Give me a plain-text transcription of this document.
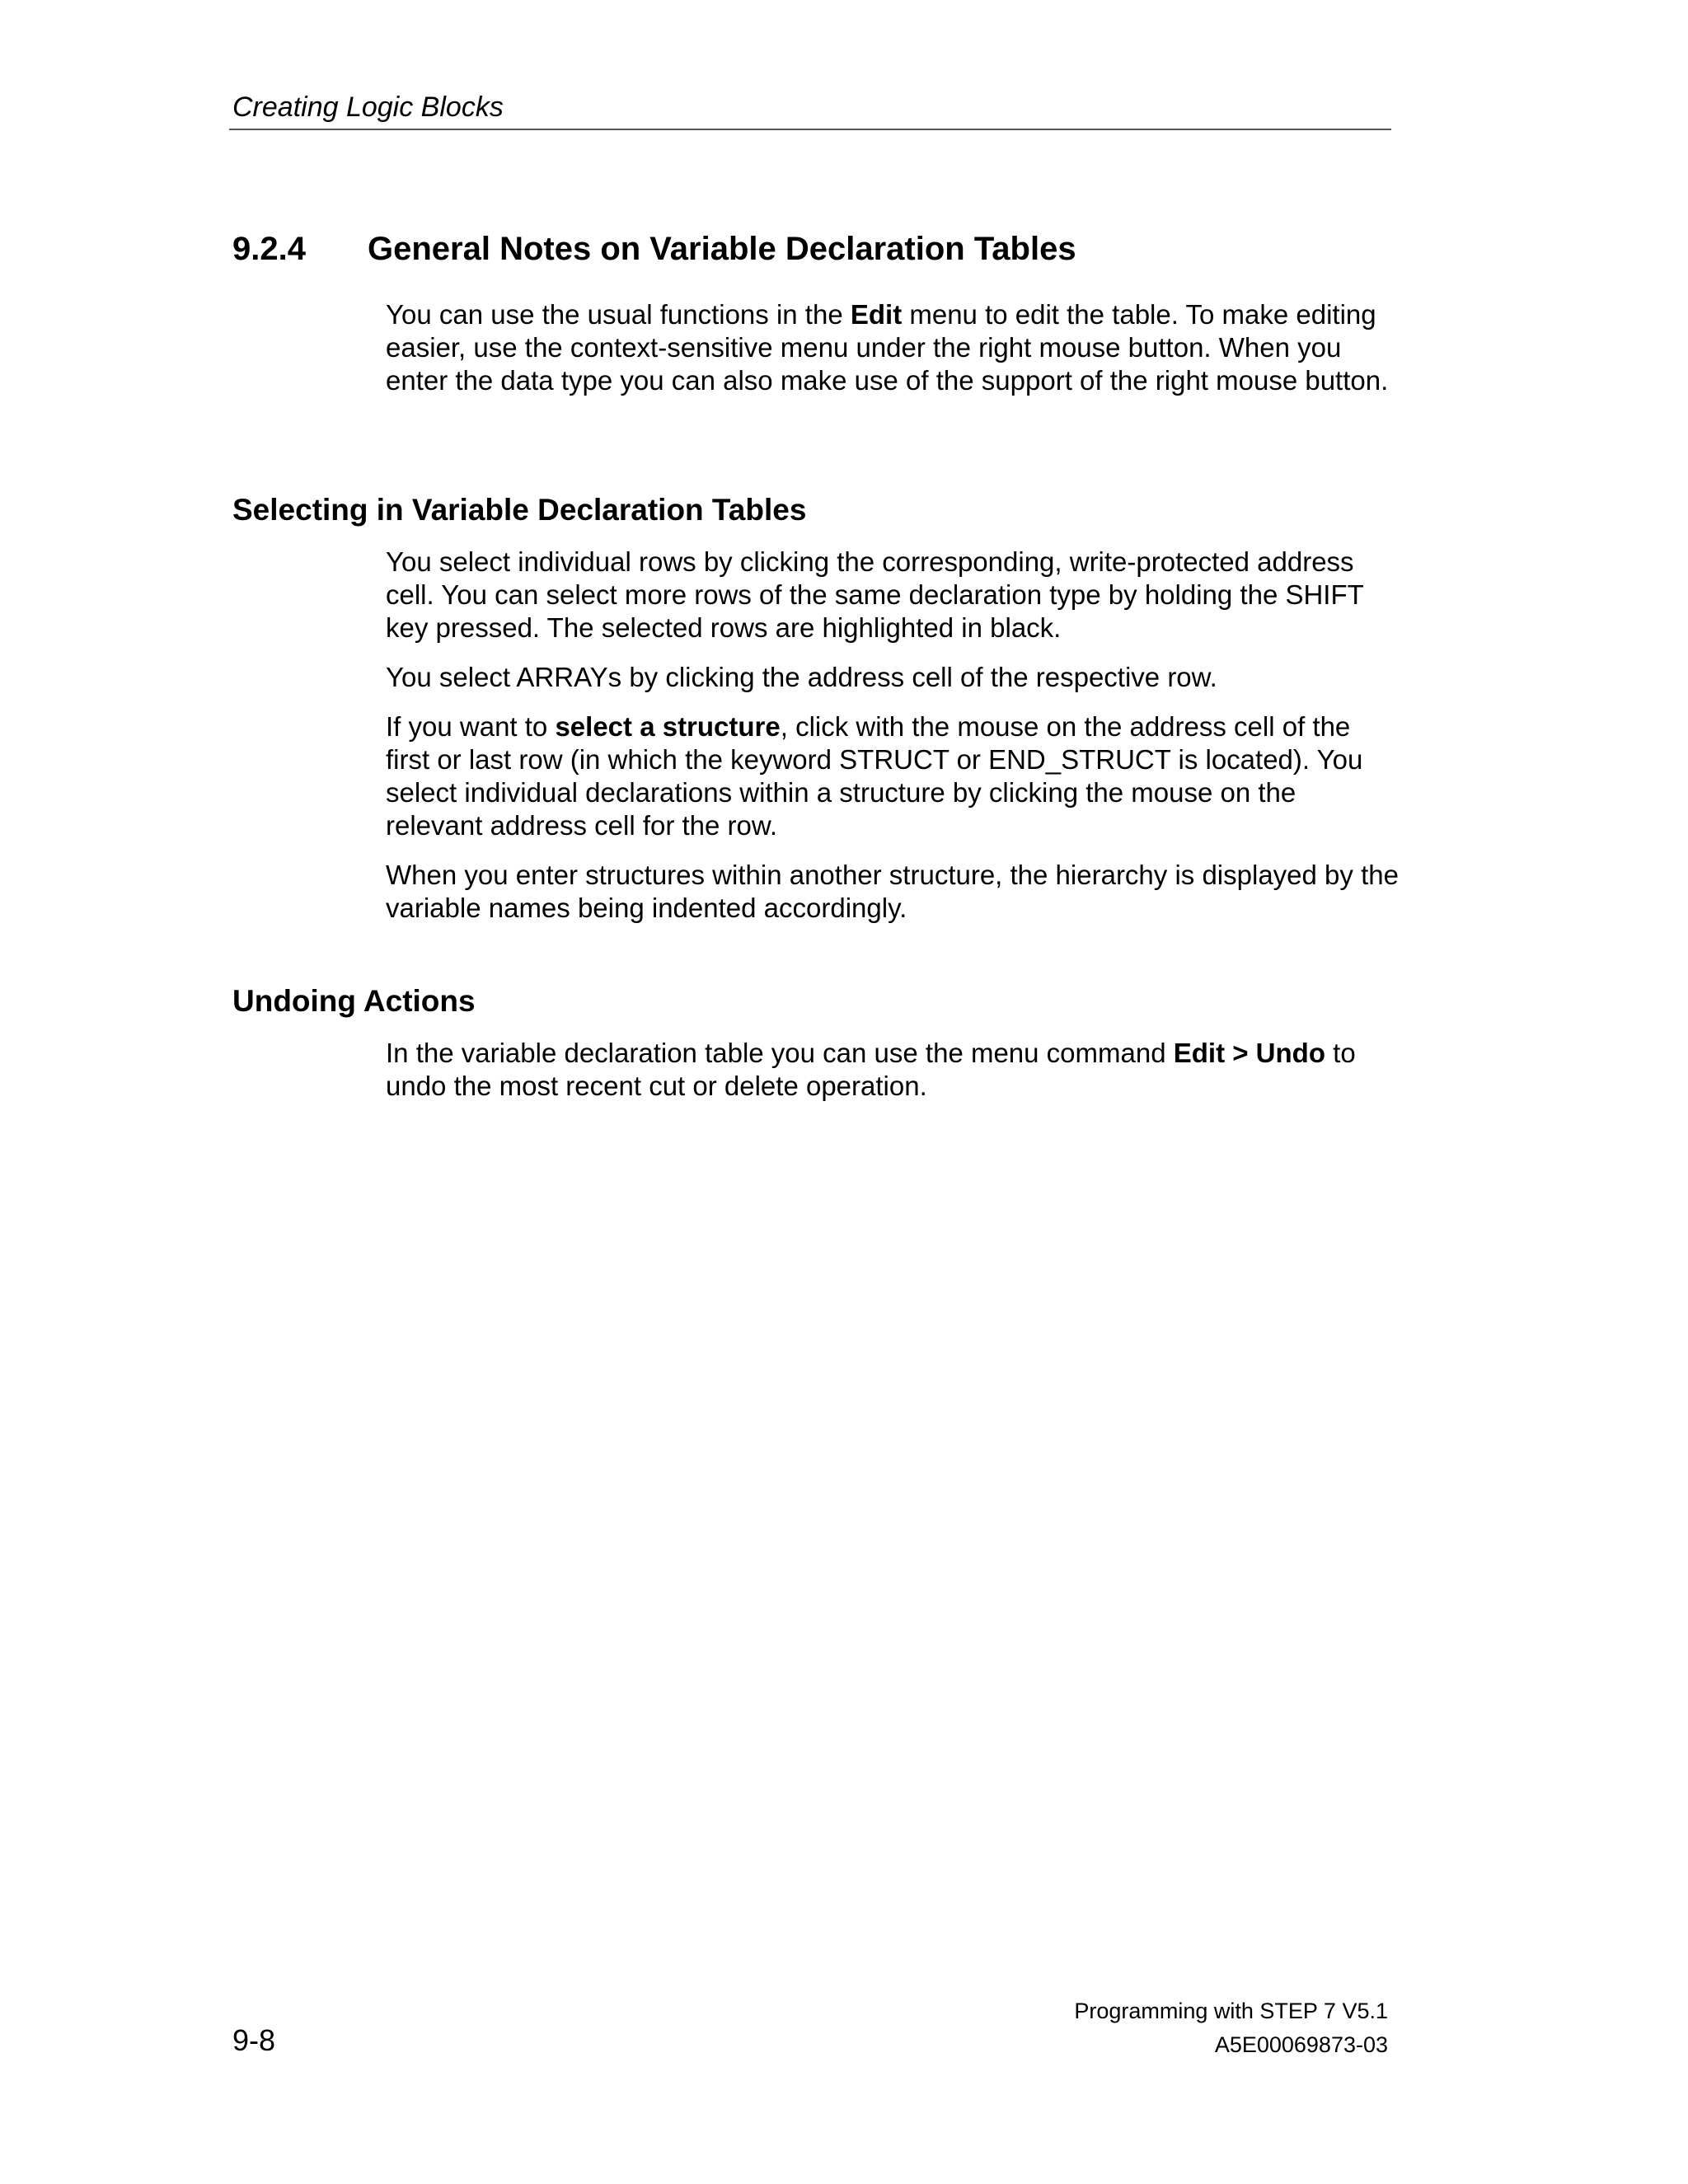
Creating Logic Blocks
9.2.4 General Notes on Variable Declaration Tables

You can use the usual functions in the Edit menu to edit the table. To make editing easier, use the context-sensitive menu under the right mouse button. When you enter the data type you can also make use of the support of the right mouse button.

Selecting in Variable Declaration Tables

You select individual rows by clicking the corresponding, write-protected address cell. You can select more rows of the same declaration type by holding the SHIFT key pressed. The selected rows are highlighted in black.

You select ARRAYs by clicking the address cell of the respective row.

If you want to select a structure, click with the mouse on the address cell of the first or last row (in which the keyword STRUCT or END_STRUCT is located). You select individual declarations within a structure by clicking the mouse on the relevant address cell for the row.

When you enter structures within another structure, the hierarchy is displayed by the variable names being indented accordingly.

Undoing Actions

In the variable declaration table you can use the menu command Edit > Undo to undo the most recent cut or delete operation.

9-8
Programming with STEP 7 V5.1
A5E00069873-03
